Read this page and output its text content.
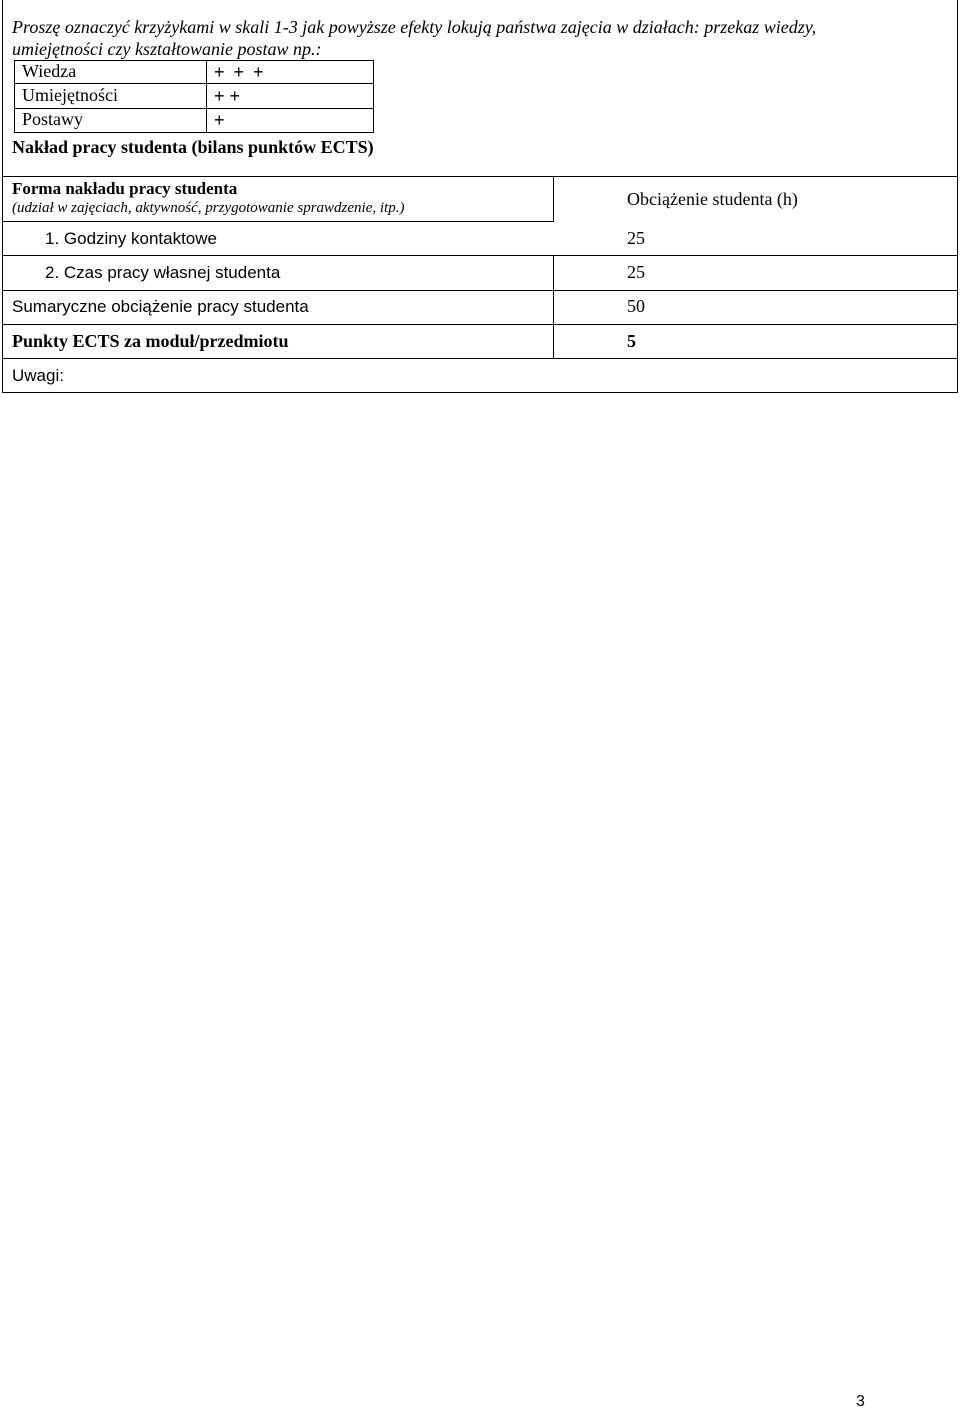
Proszę oznaczyć krzyżykami w skali 1-3 jak powyższe efekty lokują państwa zajęcia w działach: przekaz wiedzy,
umiejętności czy kształtowanie postaw np.:
Wiedza	+ + +
Umiejętności	+ +
Postawy	+
Nakład pracy studenta (bilans punktów ECTS)
Forma nakładu pracy studenta
(udział w zajęciach, aktywność, przygotowanie sprawdzenie, itp.)	Obciążenie studenta (h)
1. Godziny kontaktowe	25
2. Czas pracy własnej studenta	25
Sumaryczne obciążenie pracy studenta	50
Punkty ECTS za moduł/przedmiotu	5
Uwagi:
3
